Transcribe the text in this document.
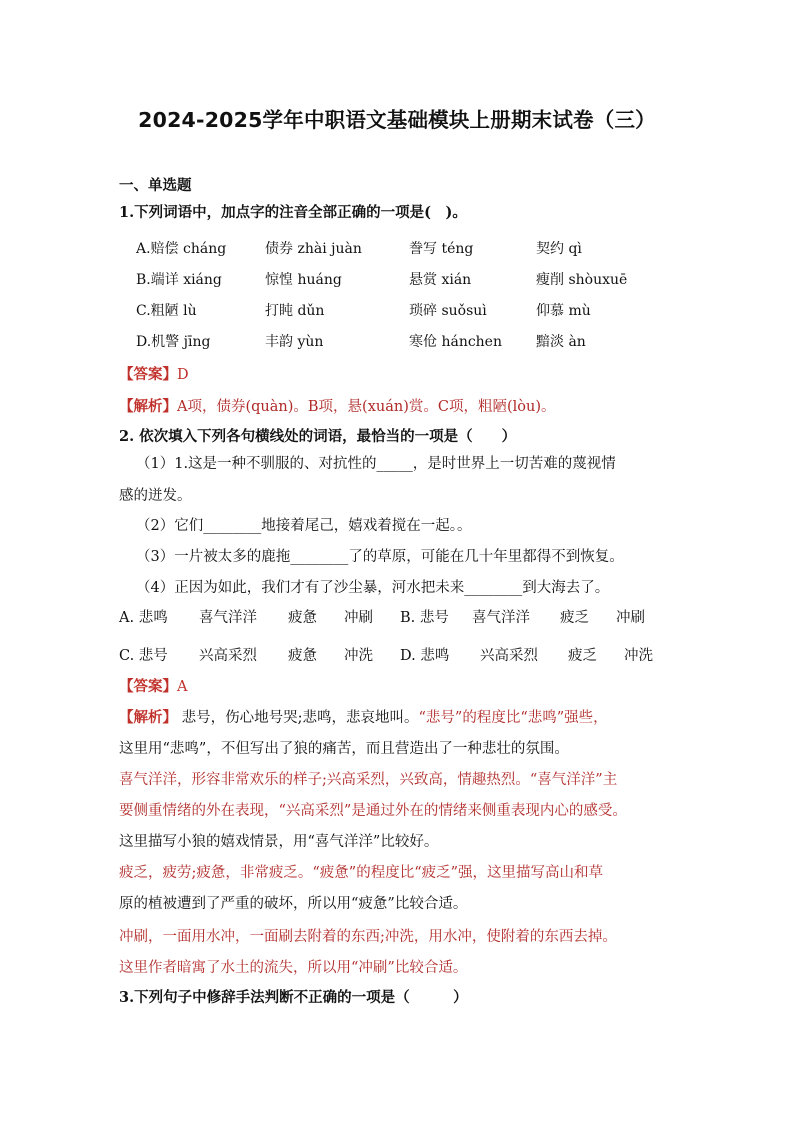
2024-2025学年中职语文基础模块上册期末试卷（三）
一、单选题
1.下列词语中，加点字的注音全部正确的一项是(　)。
A.赔偿 cháng	债券 zhài juàn	誊写 téng	契约 qì
B.端详 xiáng	惊惶 huáng	悬赏 xián	瘦削 shòuxuē
C.粗陋 lù	打盹 dǔn	琐碎 suǒsuì	仰慕 mù
D.机警 jīng	丰韵 yùn	寒伧 hánchen 黯淡 àn
【答案】D
【解析】A项，债券(quàn)。B项，悬(xuán)赏。C项，粗陋(lòu)。
2. 依次填入下列各句横线处的词语，最恰当的一项是（　　）
（1）1.这是一种不驯服的、对抗性的_____，是时世界上一切苦难的蔑视情
感的迸发。
（2）它们________地接着尾己，嬉戏着搅在一起。。
（3）一片被太多的鹿拖________了的草原，可能在几十年里都得不到恢复。
（4）正因为如此，我们才有了沙尘暴，河水把未来________到大海去了。
A. 悲鸣 喜气洋洋 疲惫 冲刷 B. 悲号 喜气洋洋 疲乏 冲刷
C. 悲号 兴高采烈 疲惫 冲洗 D. 悲鸣 兴高采烈 疲乏 冲洗
【答案】A
【解析】 悲号，伤心地号哭;悲鸣，悲哀地叫。“悲号”的程度比“悲鸣”强些，
这里用“悲鸣”，不但写出了狼的痛苦，而且营造出了一种悲壮的氛围。
喜气洋洋，形容非常欢乐的样子;兴高采烈，兴致高，情趣热烈。“喜气洋洋”主
要侧重情绪的外在表现，“兴高采烈”是通过外在的情绪来侧重表现内心的感受。
这里描写小狼的嬉戏情景，用“喜气洋洋”比较好。
疲乏，疲劳;疲惫，非常疲乏。“疲惫”的程度比“疲乏”强，这里描写高山和草
原的植被遭到了严重的破坏，所以用“疲惫”比较合适。
冲刷，一面用水冲，一面刷去附着的东西;冲洗，用水冲，使附着的东西去掉。
这里作者暗寓了水土的流失，所以用“冲刷”比较合适。
3.下列句子中修辞手法判断不正确的一项是（　　　）
